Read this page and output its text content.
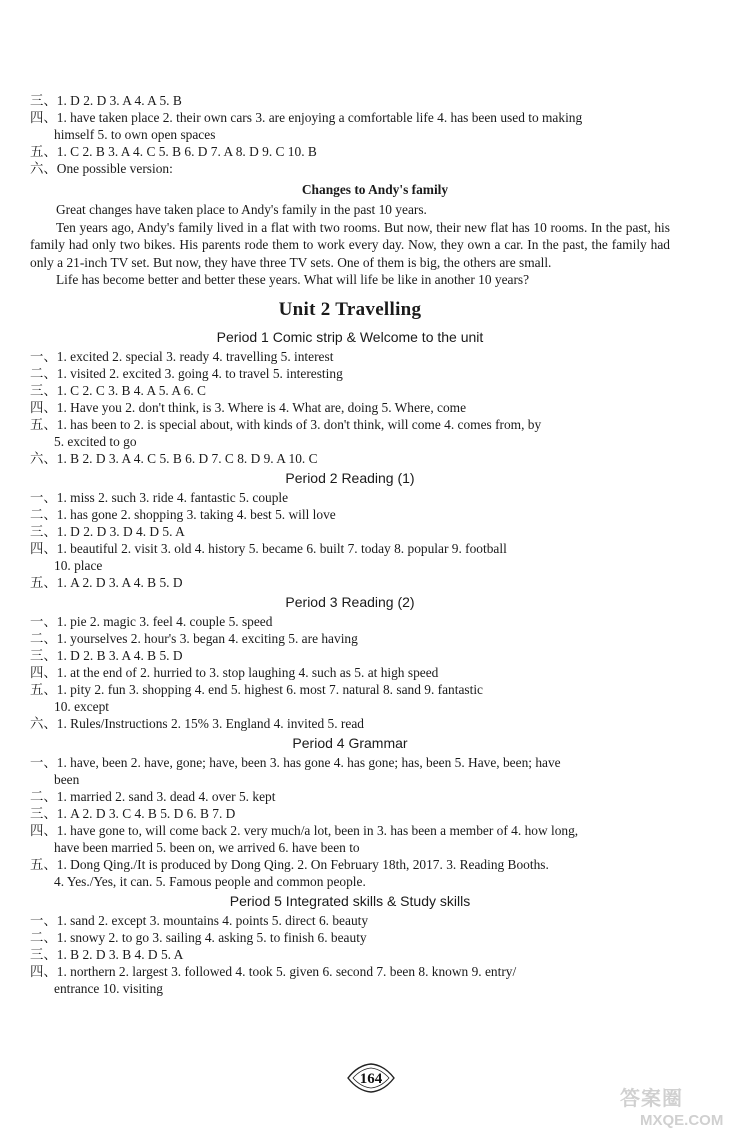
三、1. D 2. D 3. A 4. A 5. B
四、1. have taken place 2. their own cars 3. are enjoying a comfortable life 4. has been used to making
himself 5. to own open spaces
五、1. C 2. B 3. A 4. C 5. B 6. D 7. A 8. D 9. C 10. B
六、One possible version:
Changes to Andy's family
Great changes have taken place to Andy's family in the past 10 years.
Ten years ago, Andy's family lived in a flat with two rooms. But now, their new flat has 10 rooms. In the past, his family had only two bikes. His parents rode them to work every day. Now, they own a car. In the past, the family had only a 21-inch TV set. But now, they have three TV sets. One of them is big, the others are small.
Life has become better and better these years. What will life be like in another 10 years?
Unit 2 Travelling
Period 1 Comic strip & Welcome to the unit
一、1. excited 2. special 3. ready 4. travelling 5. interest
二、1. visited 2. excited 3. going 4. to travel 5. interesting
三、1. C 2. C 3. B 4. A 5. A 6. C
四、1. Have you 2. don't think, is 3. Where is 4. What are, doing 5. Where, come
五、1. has been to 2. is special about, with kinds of 3. don't think, will come 4. comes from, by
5. excited to go
六、1. B 2. D 3. A 4. C 5. B 6. D 7. C 8. D 9. A 10. C
Period 2 Reading (1)
一、1. miss 2. such 3. ride 4. fantastic 5. couple
二、1. has gone 2. shopping 3. taking 4. best 5. will love
三、1. D 2. D 3. D 4. D 5. A
四、1. beautiful 2. visit 3. old 4. history 5. became 6. built 7. today 8. popular 9. football
10. place
五、1. A 2. D 3. A 4. B 5. D
Period 3 Reading (2)
一、1. pie 2. magic 3. feel 4. couple 5. speed
二、1. yourselves 2. hour's 3. began 4. exciting 5. are having
三、1. D 2. B 3. A 4. B 5. D
四、1. at the end of 2. hurried to 3. stop laughing 4. such as 5. at high speed
五、1. pity 2. fun 3. shopping 4. end 5. highest 6. most 7. natural 8. sand 9. fantastic
10. except
六、1. Rules/Instructions 2. 15% 3. England 4. invited 5. read
Period 4 Grammar
一、1. have, been 2. have, gone; have, been 3. has gone 4. has gone; has, been 5. Have, been; have
been
二、1. married 2. sand 3. dead 4. over 5. kept
三、1. A 2. D 3. C 4. B 5. D 6. B 7. D
四、1. have gone to, will come back 2. very much/a lot, been in 3. has been a member of 4. how long,
have been married 5. been on, we arrived 6. have been to
五、1. Dong Qing./It is produced by Dong Qing. 2. On February 18th, 2017. 3. Reading Booths.
4. Yes./Yes, it can. 5. Famous people and common people.
Period 5 Integrated skills & Study skills
一、1. sand 2. except 3. mountains 4. points 5. direct 6. beauty
二、1. snowy 2. to go 3. sailing 4. asking 5. to finish 6. beauty
三、1. B 2. D 3. B 4. D 5. A
四、1. northern 2. largest 3. followed 4. took 5. given 6. second 7. been 8. known 9. entry/
entrance 10. visiting
164
答案圈
MXQE.COM
